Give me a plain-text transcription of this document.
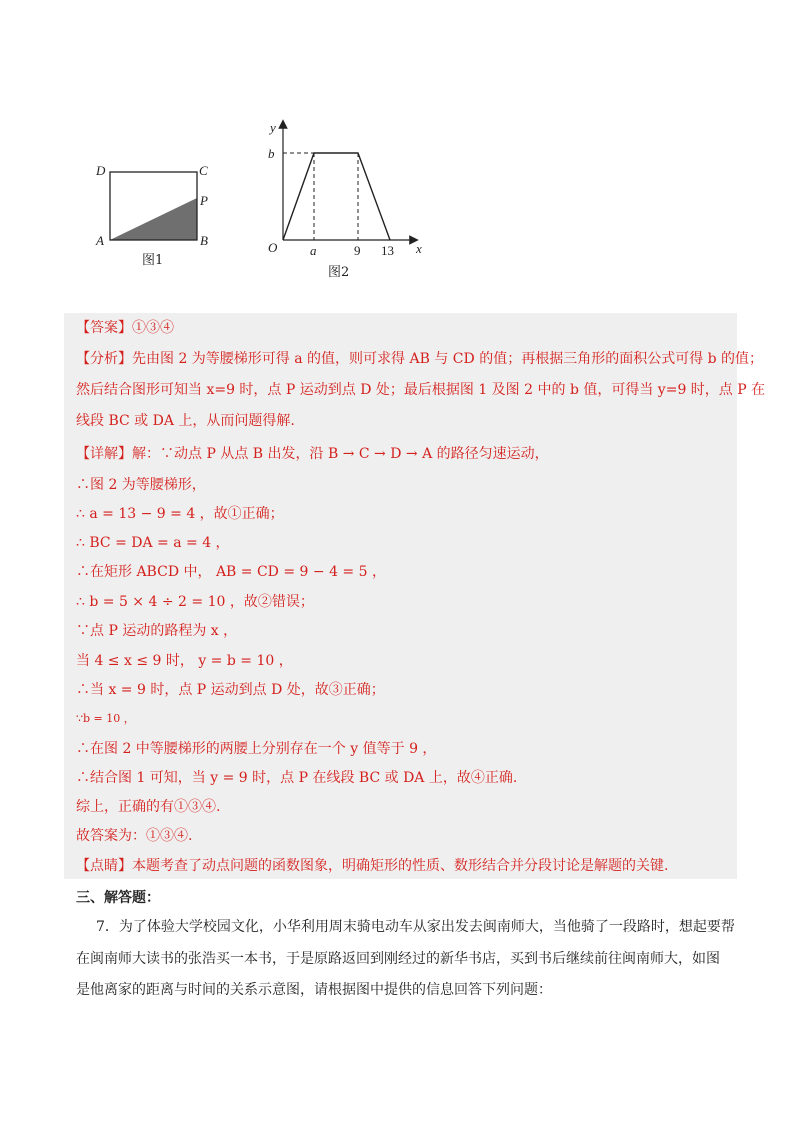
D	C
P
A	B
图1
y
b
O	a	9 13 x
图2
【答案】①③④
【分析】先由图 2 为等腰梯形可得 a 的值，则可求得 AB 与 CD 的值；再根据三角形的面积公式可得 b 的值；
然后结合图形可知当 x=9 时，点 P 运动到点 D 处；最后根据图 1 及图 2 中的 b 值，可得当 y=9 时，点 P 在
线段 BC 或 DA 上，从而问题得解.
【详解】解：∵动点 P 从点 B 出发，沿 B → C → D → A 的路径匀速运动，
∴图 2 为等腰梯形，
∴ a = 13 − 9 = 4 ，故①正确；
∴ BC = DA = a = 4 ，
∴在矩形 ABCD 中， AB = CD = 9 − 4 = 5 ，
∴ b = 5 × 4 ÷ 2 = 10 ，故②错误；
∵点 P 运动的路程为 x ，
当 4 ≤ x ≤ 9 时， y = b = 10 ，
∴当 x = 9 时，点 P 运动到点 D 处，故③正确；
∵b = 10 ，
∴在图 2 中等腰梯形的两腰上分别存在一个 y 值等于 9 ，
∴结合图 1 可知，当 y = 9 时，点 P 在线段 BC 或 DA 上，故④正确.
综上，正确的有①③④.
故答案为：①③④.
【点睛】本题考查了动点问题的函数图象，明确矩形的性质、数形结合并分段讨论是解题的关键.
三、解答题：
7．为了体验大学校园文化，小华利用周末骑电动车从家出发去闽南师大，当他骑了一段路时，想起要帮
在闽南师大读书的张浩买一本书，于是原路返回到刚经过的新华书店，买到书后继续前往闽南师大，如图
是他离家的距离与时间的关系示意图，请根据图中提供的信息回答下列问题：
